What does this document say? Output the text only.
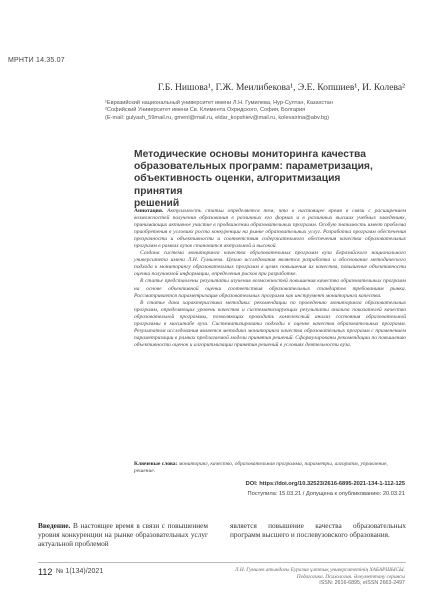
МРНТИ 14.35.07
Г.Б. Нишова¹, Г.Ж. Меилибекова¹, Э.Е. Копшиев¹, И. Колева²
¹Евразийский национальный университет имени Л.Н. Гумилева, Нур-Султан, Казахстан
²Софийский Университет имени Св. Климента Охридского, София, Болгария
(E-mail: gulyash_59mail.ru, gmenl@mail.ru, eldar_kopshiev@mail.ru, kolevairina@abv.bg)
Методические основы мониторинга качества
образовательных программ: параметризация,
объективность оценки, алгоритмизация принятия
решений

Аннотация. Актуальность статьи определяется тем, что в настоящее время в связи с расширением возможностей получения образования в различных его формах и в различных высших учебных заведениях, принимающих активное участие в продвижении образовательных программ. Особую значимость имеет проблема приобретения в условиях роста конкуренции на рынке образовательных услуг. Разработка программ обеспечения прозрачности и объективности и соответствия содержательного обеспечения качества образовательных программ в рамках вузов становится актуальной и высокой.

Создана система мониторинга качества образовательных программ вуза Евразийского национального университета имени Л.Н. Гумилева. Целью исследования является разработка и обоснование методического подхода к мониторингу образовательных программ в целях повышения их качества, повышение объективности оценки получаемой информации, определения рисков при разработке.

В статье представлены результаты изучения возможностей повышения качества образовательных программ на основе объективной оценки соответствия образовательных стандартов требованиям рынка. Рассматривается параметризация образовательных программ как инструмент мониторинга качества.

В статье дана характеристика методики: рекомендации по проведению мониторинга образовательных программ, определяющих уровень качества и систематизирующих результаты анализа показателей качества образовательной программы, позволяющих проводить комплексный анализ состояния образовательной программы в масштабе вуза. Систематизированы подходы к оценке качества образовательных программ. Результатом исследования является методика мониторинга качества образовательных программ с применением параметризации в рамках предлагаемой модели принятия решений. Сформулированы рекомендации по повышению объективности оценок и алгоритмизации принятия решений в условиях деятельности вуза.

Ключевые слова: мониторинг, качество, образовательная программа, параметры, алгоритм, управление, решение.
DOI: https://doi.org/10.32523/2616-6895-2021-134-1-112-125
Поступила: 15.03.21 / Допущена к опубликованию: 20.03.21
Введение. В настоящее время в связи с повышением уровня конкуренции на рынке образовательных услуг актуальной проблемой
является повышение качества образовательных программ высшего и послевузовского образования.
112 № 1(134)/2021	Л.Н. Гумилев атындағы Еуразия ұлттық университетінің ХАБАРШЫСЫ.
Педагогика. Психология. Әлеуметтану сериясы
ISSN: 2616-6895, eISSN 2663-2497
